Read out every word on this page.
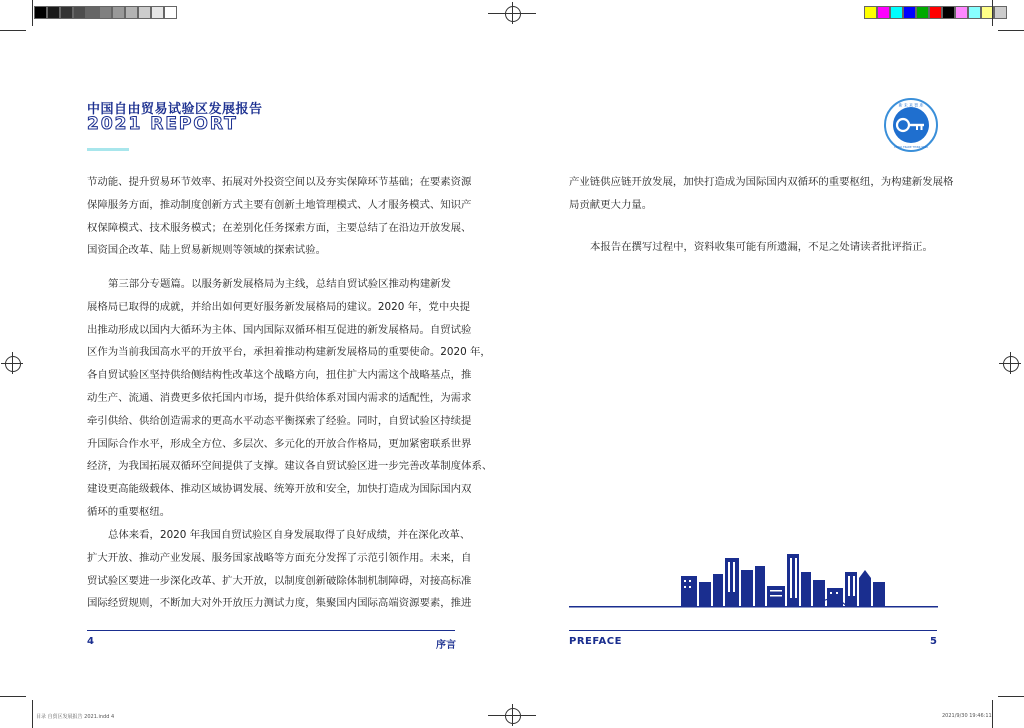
目录 自贸区发展报告 2021.indd 4	2021/9/30 19:46:11
中国自由贸易试验区发展报告
2021 REPORT
新 未 来 智 库
CHINA TRADE THINK TANK
节动能、提升贸易环节效率、拓展对外投资空间以及夯实保障环节基础；在要素资源
保障服务方面，推动制度创新方式主要有创新土地管理模式、人才服务模式、知识产
权保障模式、技术服务模式；在差别化任务探索方面，主要总结了在沿边开放发展、
国资国企改革、陆上贸易新规则等领域的探索试验。
第三部分专题篇。以服务新发展格局为主线，总结自贸试验区推动构建新发
展格局已取得的成就，并给出如何更好服务新发展格局的建议。2020 年，党中央提
出推动形成以国内大循环为主体、国内国际双循环相互促进的新发展格局。自贸试验
区作为当前我国高水平的开放平台，承担着推动构建新发展格局的重要使命。2020 年，
各自贸试验区坚持供给侧结构性改革这个战略方向，扭住扩大内需这个战略基点，推
动生产、流通、消费更多依托国内市场，提升供给体系对国内需求的适配性，为需求
牵引供给、供给创造需求的更高水平动态平衡探索了经验。同时，自贸试验区持续提
升国际合作水平，形成全方位、多层次、多元化的开放合作格局，更加紧密联系世界
经济，为我国拓展双循环空间提供了支撑。建议各自贸试验区进一步完善改革制度体系、
建设更高能级载体、推动区域协调发展、统筹开放和安全，加快打造成为国际国内双
循环的重要枢纽。
总体来看，2020 年我国自贸试验区自身发展取得了良好成绩，并在深化改革、
扩大开放、推动产业发展、服务国家战略等方面充分发挥了示范引领作用。未来，自
贸试验区要进一步深化改革、扩大开放，以制度创新破除体制机制障碍，对接高标准
国际经贸规则，不断加大对外开放压力测试力度，集聚国内国际高端资源要素，推进
产业链供应链开放发展，加快打造成为国际国内双循环的重要枢纽，为构建新发展格
局贡献更大力量。
本报告在撰写过程中，资料收集可能有所遗漏，不足之处请读者批评指正。
4	序言	PREFACE	5
